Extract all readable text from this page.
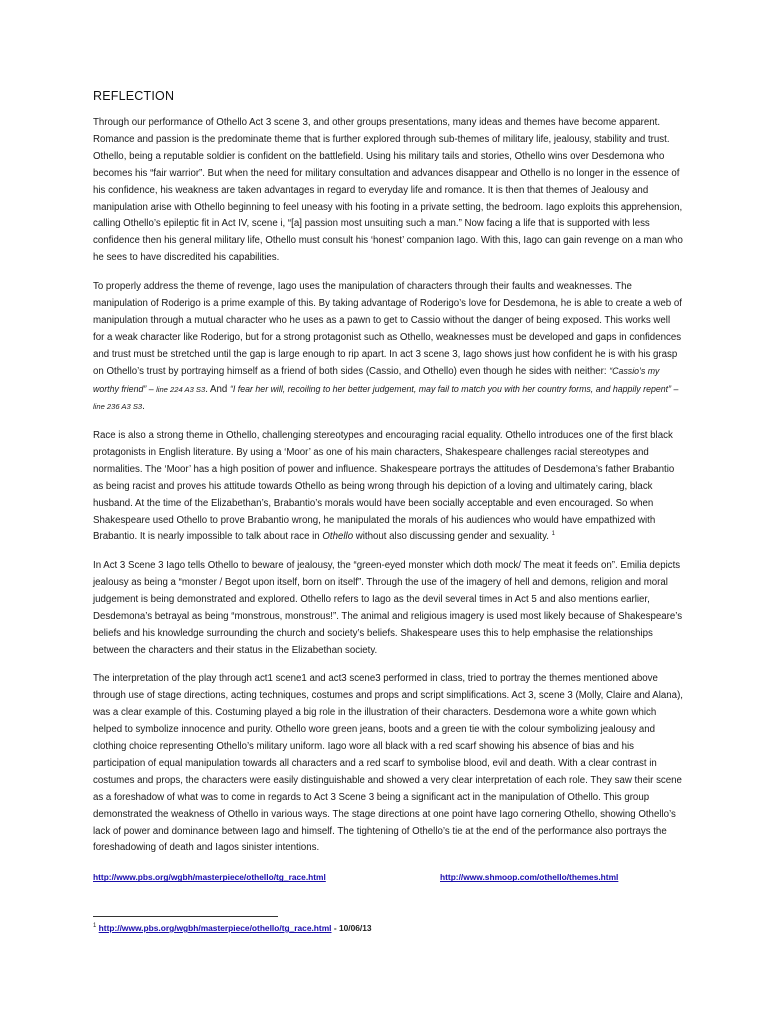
REFLECTION

Through our performance of Othello Act 3 scene 3, and other groups presentations, many ideas and themes have become apparent. Romance and passion is the predominate theme that is further explored through sub-themes of military life, jealousy, stability and trust. Othello, being a reputable soldier is confident on the battlefield. Using his military tails and stories, Othello wins over Desdemona who becomes his “fair warrior”. But when the need for military consultation and advances disappear and Othello is no longer in the essence of his confidence, his weakness are taken advantages in regard to everyday life and romance. It is then that themes of Jealousy and manipulation arise with Othello beginning to feel uneasy with his footing in a private setting, the bedroom. Iago exploits this apprehension, calling Othello’s epileptic fit in Act IV, scene i, “[a] passion most unsuiting such a man.” Now facing a life that is supported with less confidence then his general military life, Othello must consult his ‘honest’ companion Iago. With this, Iago can gain revenge on a man who he sees to have discredited his capabilities.

To properly address the theme of revenge, Iago uses the manipulation of characters through their faults and weaknesses. The manipulation of Roderigo is a prime example of this. By taking advantage of Roderigo’s love for Desdemona, he is able to create a web of manipulation through a mutual character who he uses as a pawn to get to Cassio without the danger of being exposed. This works well for a weak character like Roderigo, but for a strong protagonist such as Othello, weaknesses must be developed and gaps in confidences and trust must be stretched until the gap is large enough to rip apart. In act 3 scene 3, Iago shows just how confident he is with his grasp on Othello’s trust by portraying himself as a friend of both sides (Cassio, and Othello) even though he sides with neither: “Cassio’s my worthy friend” – line 224 A3 S3. And “I fear her will, recoiling to her better judgement, may fail to match you with her country forms, and happily repent” – line 236 A3 S3.

Race is also a strong theme in Othello, challenging stereotypes and encouraging racial equality. Othello introduces one of the first black protagonists in English literature. By using a ‘Moor’ as one of his main characters, Shakespeare challenges racial stereotypes and normalities. The ‘Moor’ has a high position of power and influence. Shakespeare portrays the attitudes of Desdemona’s father Brabantio as being racist and proves his attitude towards Othello as being wrong through his depiction of a loving and ultimately caring, black husband. At the time of the Elizabethan’s, Brabantio’s morals would have been socially acceptable and even encouraged. So when Shakespeare used Othello to prove Brabantio wrong, he manipulated the morals of his audiences who would have empathized with Brabantio. It is nearly impossible to talk about race in Othello without also discussing gender and sexuality. $^1$

In Act 3 Scene 3 Iago tells Othello to beware of jealousy, the “green-eyed monster which doth mock/ The meat it feeds on”. Emilia depicts jealousy as being a “monster / Begot upon itself, born on itself”. Through the use of the imagery of hell and demons, religion and moral judgement is being demonstrated and explored. Othello refers to Iago as the devil several times in Act 5 and also mentions earlier, Desdemona’s betrayal as being “monstrous, monstrous!”. The animal and religious imagery is used most likely because of Shakespeare’s beliefs and his knowledge surrounding the church and society’s beliefs. Shakespeare uses this to help emphasise the relationships between the characters and their status in the Elizabethan society.

The interpretation of the play through act1 scene1 and act3 scene3 performed in class, tried to portray the themes mentioned above through use of stage directions, acting techniques, costumes and props and script simplifications. Act 3, scene 3 (Molly, Claire and Alana), was a clear example of this. Costuming played a big role in the illustration of their characters. Desdemona wore a white gown which helped to symbolize innocence and purity. Othello wore green jeans, boots and a green tie with the colour symbolizing jealousy and clothing choice representing Othello’s military uniform. Iago wore all black with a red scarf showing his absence of bias and his participation of equal manipulation towards all characters and a red scarf to symbolise blood, evil and death. With a clear contrast in costumes and props, the characters were easily distinguishable and showed a very clear interpretation of each role. They saw their scene as a foreshadow of what was to come in regards to Act 3 Scene 3 being a significant act in the manipulation of Othello. This group demonstrated the weakness of Othello in various ways. The stage directions at one point have Iago cornering Othello, showing Othello’s lack of power and dominance between Iago and himself. The tightening of Othello’s tie at the end of the performance also portrays the foreshadowing of death and Iagos sinister intentions.

http://www.pbs.org/wgbh/masterpiece/othello/tg_race.html	http://www.shmoop.com/othello/themes.html
$^1$ http://www.pbs.org/wgbh/masterpiece/othello/tg_race.html - 10/06/13
